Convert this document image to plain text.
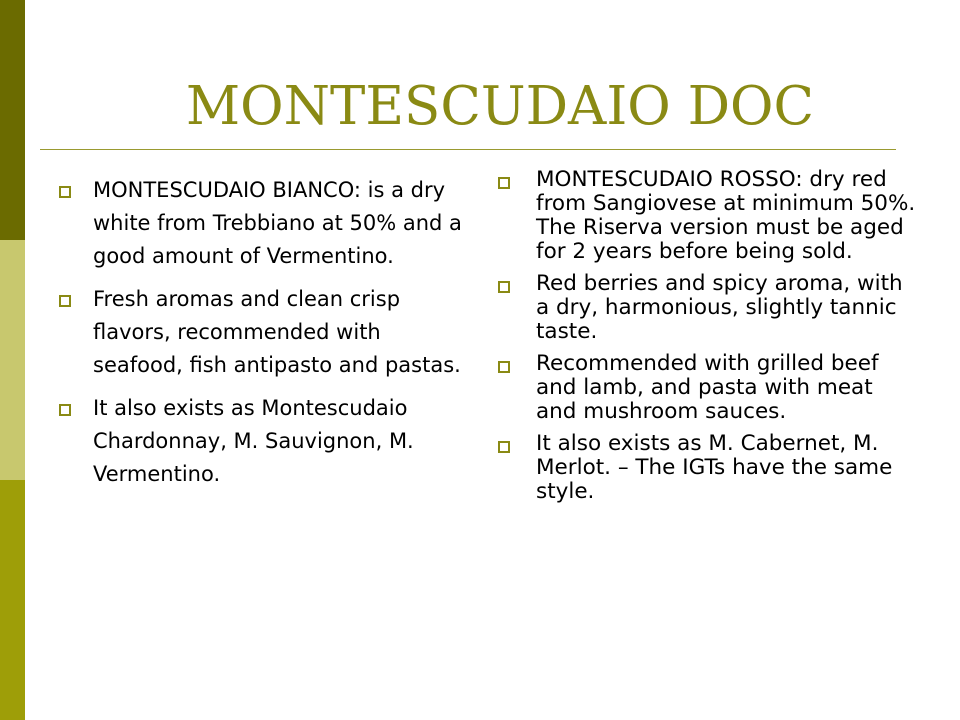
MONTESCUDAIO DOC
MONTESCUDAIO BIANCO: is a dry white from Trebbiano at 50% and a good amount of Vermentino.
Fresh aromas and clean crisp flavors, recommended with seafood, fish antipasto and pastas.
It also exists as Montescudaio Chardonnay, M. Sauvignon, M. Vermentino.
MONTESCUDAIO ROSSO: dry red from Sangiovese at minimum 50%. The Riserva version must be aged for 2 years before being sold.
Red berries and spicy aroma, with a dry, harmonious, slightly tannic taste.
Recommended with grilled beef and lamb, and pasta with meat and mushroom sauces.
It also exists as M. Cabernet, M. Merlot. – The IGTs have the same style.
